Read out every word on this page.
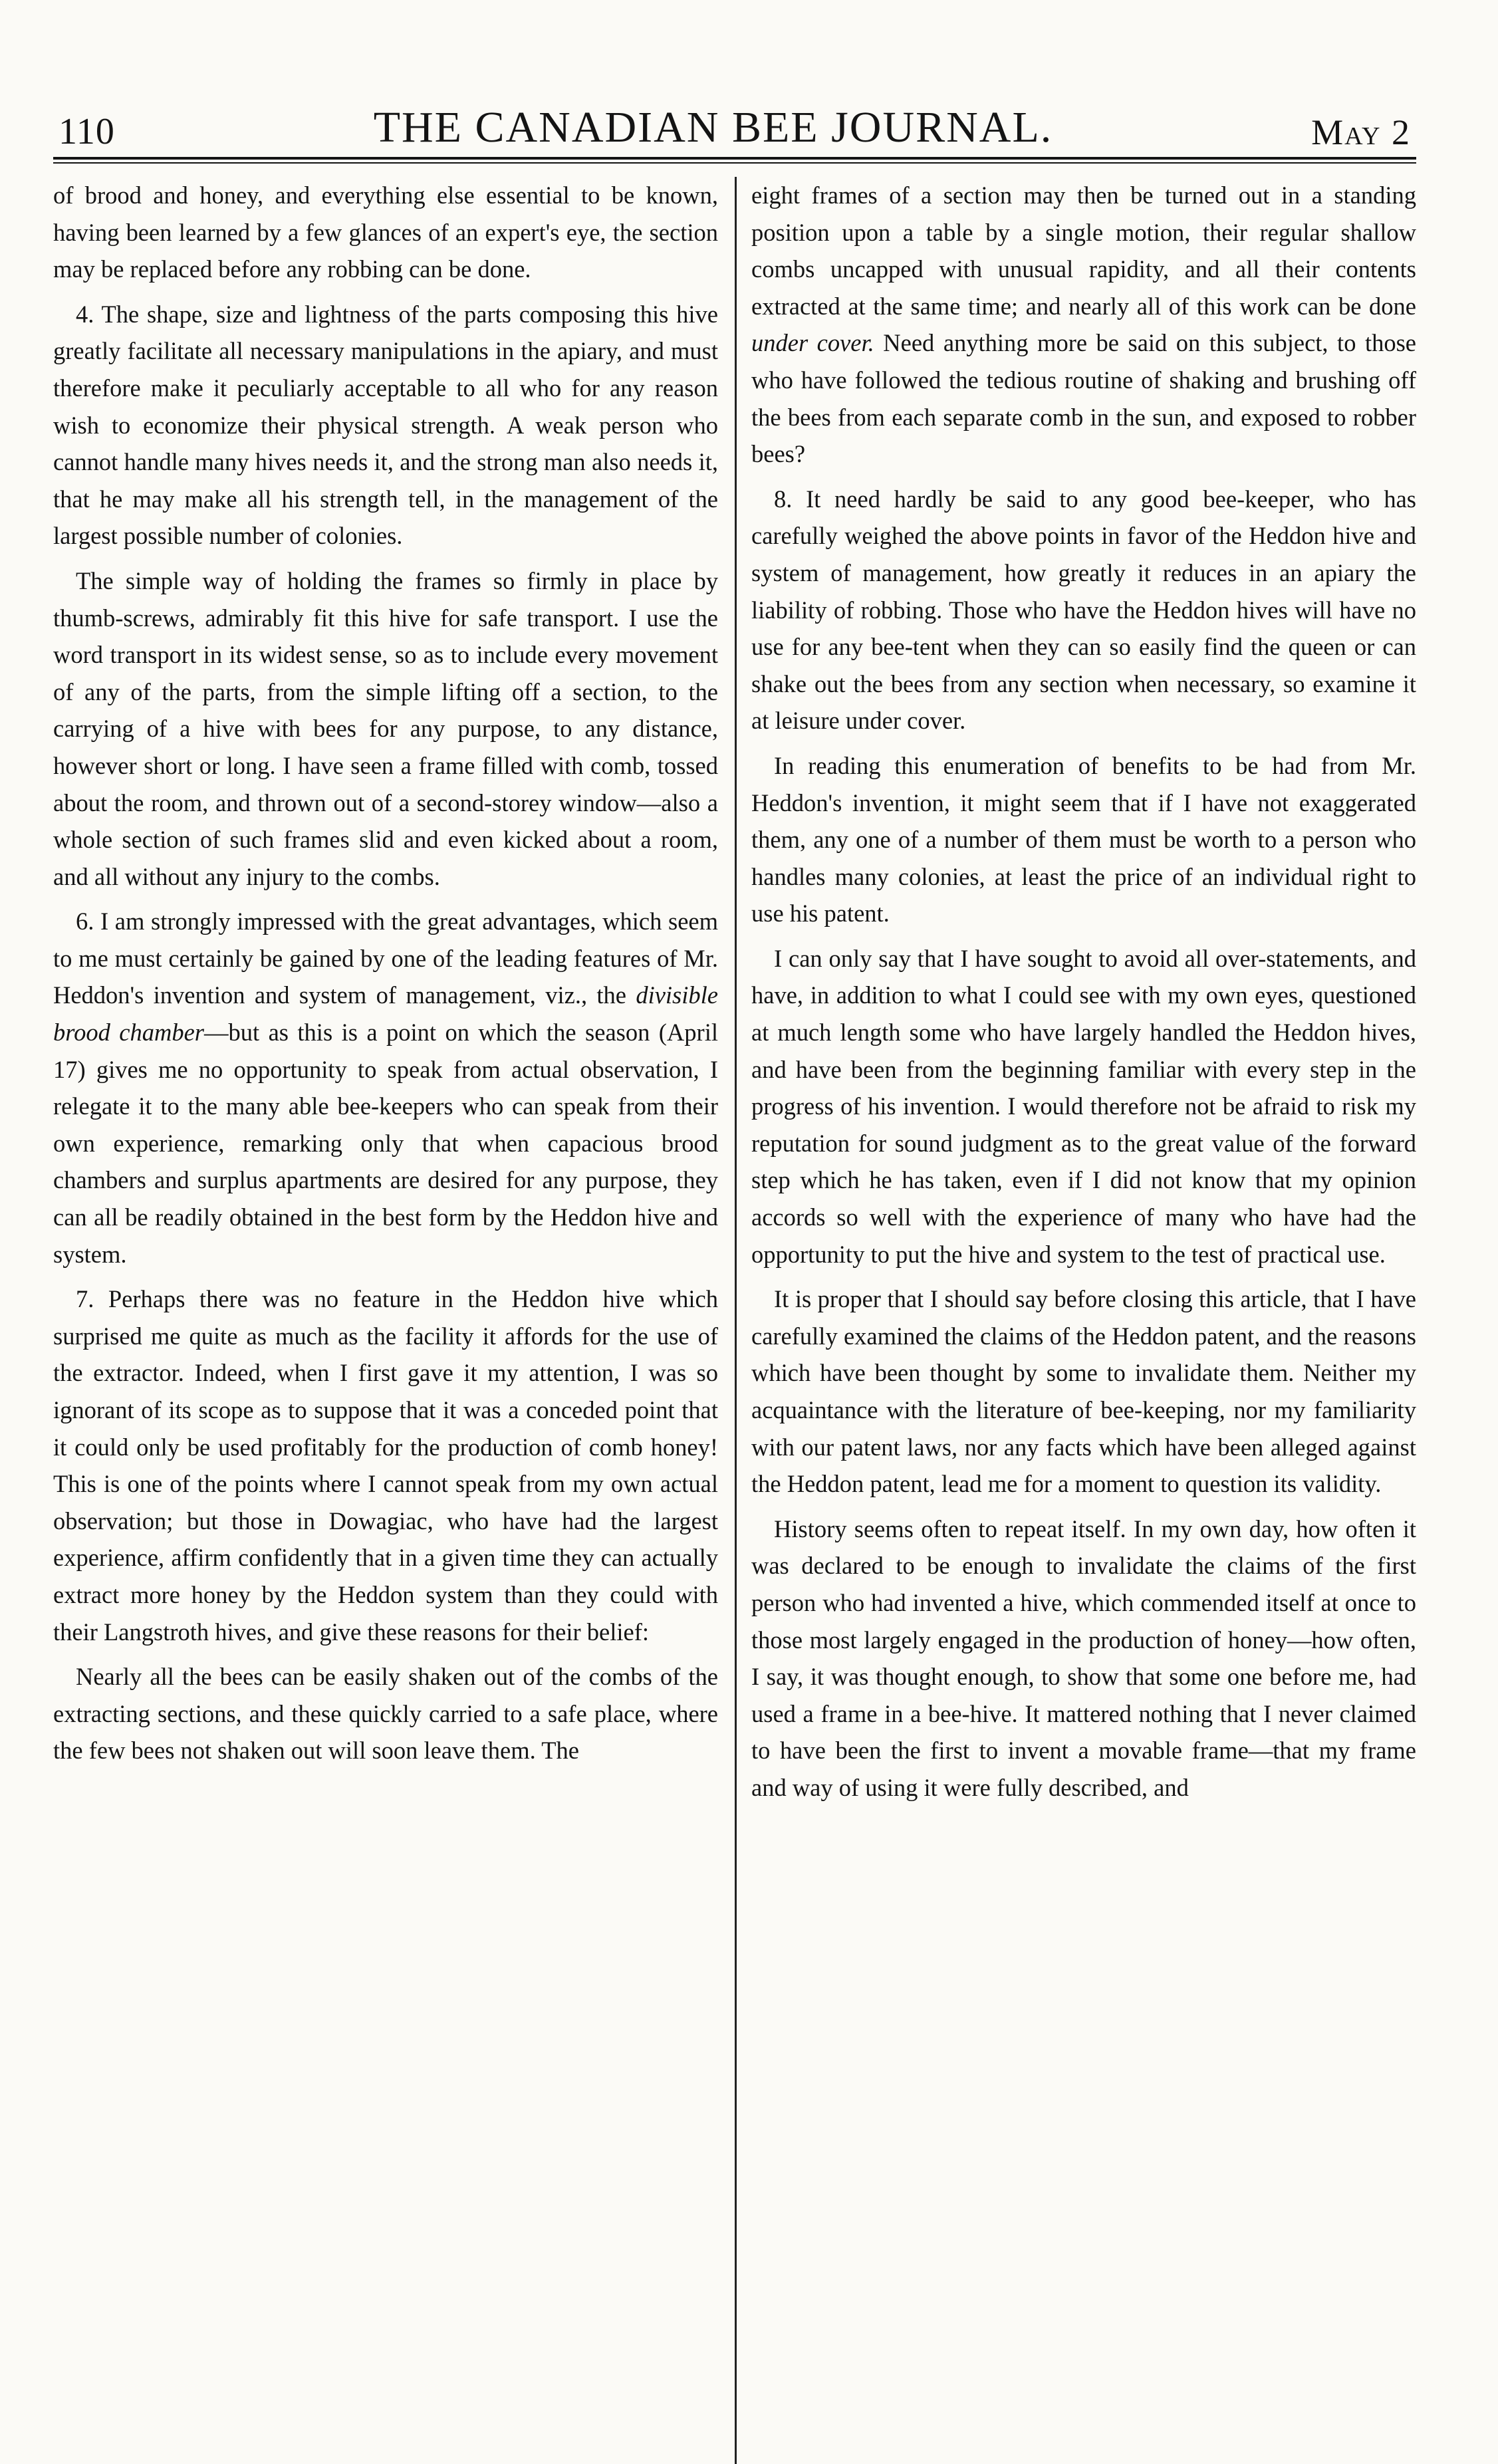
110	THE CANADIAN BEE JOURNAL.	May 2

of brood and honey, and everything else essential to be known, having been learned by a few glances of an expert's eye, the section may be replaced before any robbing can be done.

4. The shape, size and lightness of the parts composing this hive greatly facilitate all necessary manipulations in the apiary, and must therefore make it peculiarly acceptable to all who for any reason wish to economize their physical strength. A weak person who cannot handle many hives needs it, and the strong man also needs it, that he may make all his strength tell, in the management of the largest possible number of colonies.

The simple way of holding the frames so firmly in place by thumb-screws, admirably fit this hive for safe transport. I use the word transport in its widest sense, so as to include every movement of any of the parts, from the simple lifting off a section, to the carrying of a hive with bees for any purpose, to any distance, however short or long. I have seen a frame filled with comb, tossed about the room, and thrown out of a second-storey window—also a whole section of such frames slid and even kicked about a room, and all without any injury to the combs.

6. I am strongly impressed with the great advantages, which seem to me must certainly be gained by one of the leading features of Mr. Heddon's invention and system of management, viz., the divisible brood chamber—but as this is a point on which the season (April 17) gives me no opportunity to speak from actual observation, I relegate it to the many able bee-keepers who can speak from their own experience, remarking only that when capacious brood chambers and surplus apartments are desired for any purpose, they can all be readily obtained in the best form by the Heddon hive and system.

7. Perhaps there was no feature in the Heddon hive which surprised me quite as much as the facility it affords for the use of the extractor. Indeed, when I first gave it my attention, I was so ignorant of its scope as to suppose that it was a conceded point that it could only be used profitably for the production of comb honey! This is one of the points where I cannot speak from my own actual observation; but those in Dowagiac, who have had the largest experience, affirm confidently that in a given time they can actually extract more honey by the Heddon system than they could with their Langstroth hives, and give these reasons for their belief:

Nearly all the bees can be easily shaken out of the combs of the extracting sections, and these quickly carried to a safe place, where the few bees not shaken out will soon leave them. The

eight frames of a section may then be turned out in a standing position upon a table by a single motion, their regular shallow combs uncapped with unusual rapidity, and all their contents extracted at the same time; and nearly all of this work can be done under cover. Need anything more be said on this subject, to those who have followed the tedious routine of shaking and brushing off the bees from each separate comb in the sun, and exposed to robber bees?

8. It need hardly be said to any good bee-keeper, who has carefully weighed the above points in favor of the Heddon hive and system of management, how greatly it reduces in an apiary the liability of robbing. Those who have the Heddon hives will have no use for any bee-tent when they can so easily find the queen or can shake out the bees from any section when necessary, so examine it at leisure under cover.

In reading this enumeration of benefits to be had from Mr. Heddon's invention, it might seem that if I have not exaggerated them, any one of a number of them must be worth to a person who handles many colonies, at least the price of an individual right to use his patent.

I can only say that I have sought to avoid all over-statements, and have, in addition to what I could see with my own eyes, questioned at much length some who have largely handled the Heddon hives, and have been from the beginning familiar with every step in the progress of his invention. I would therefore not be afraid to risk my reputation for sound judgment as to the great value of the forward step which he has taken, even if I did not know that my opinion accords so well with the experience of many who have had the opportunity to put the hive and system to the test of practical use.

It is proper that I should say before closing this article, that I have carefully examined the claims of the Heddon patent, and the reasons which have been thought by some to invalidate them. Neither my acquaintance with the literature of bee-keeping, nor my familiarity with our patent laws, nor any facts which have been alleged against the Heddon patent, lead me for a moment to question its validity.

History seems often to repeat itself. In my own day, how often it was declared to be enough to invalidate the claims of the first person who had invented a hive, which commended itself at once to those most largely engaged in the production of honey—how often, I say, it was thought enough, to show that some one before me, had used a frame in a bee-hive. It mattered nothing that I never claimed to have been the first to invent a movable frame—that my frame and way of using it were fully described, and
